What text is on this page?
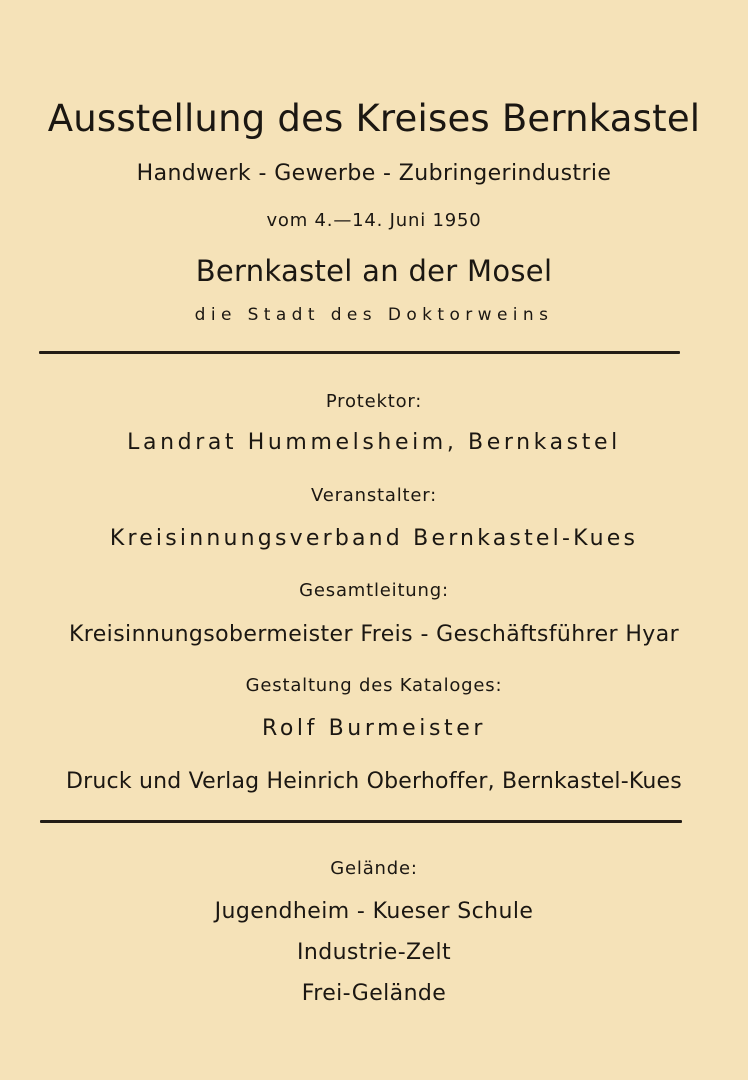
Ausstellung des Kreises Bernkastel
Handwerk - Gewerbe - Zubringerindustrie
vom 4.—14. Juni 1950
Bernkastel an der Mosel
die Stadt des Doktorweins
Protektor:
Landrat Hummelsheim, Bernkastel
Veranstalter:
Kreisinnungsverband Bernkastel-Kues
Gesamtleitung:
Kreisinnungsobermeister Freis - Geschäftsführer Hyar
Gestaltung des Kataloges:
Rolf Burmeister
Druck und Verlag Heinrich Oberhoffer, Bernkastel-Kues
Gelände:
Jugendheim - Kueser Schule
Industrie-Zelt
Frei-Gelände
